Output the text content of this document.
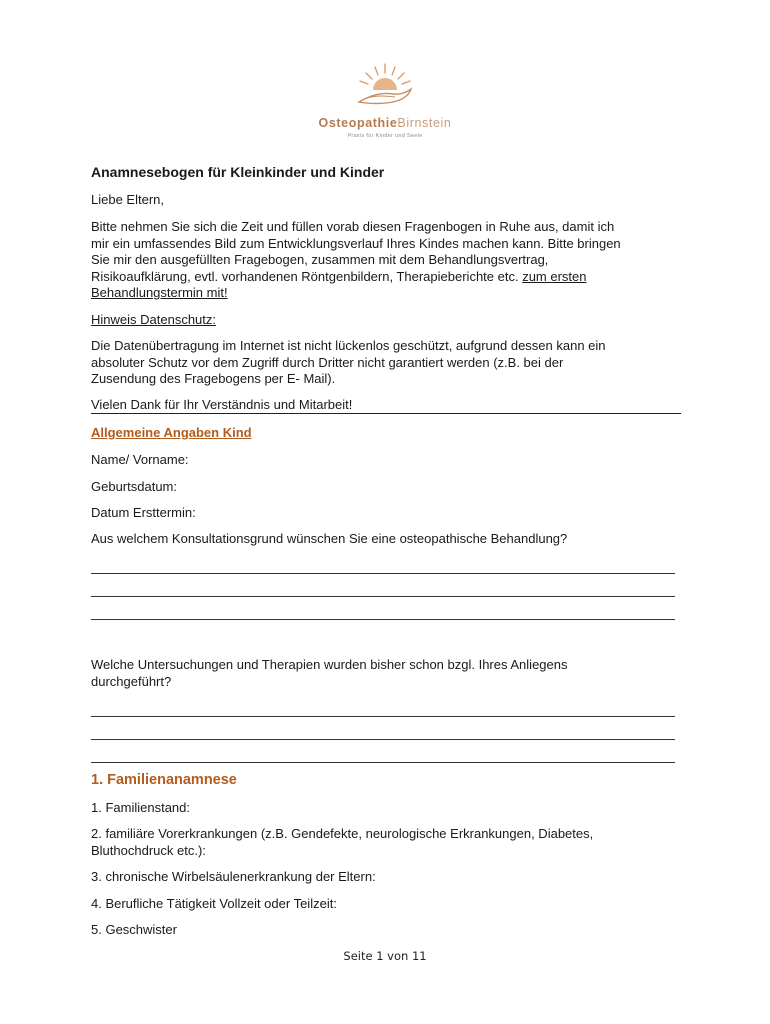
OsteopathieBirnstein
Praxis für Kinder und Seele
Anamnesebogen für Kleinkinder und Kinder
Liebe Eltern,
Bitte nehmen Sie sich die Zeit und füllen vorab diesen Fragenbogen in Ruhe aus, damit ich
mir ein umfassendes Bild zum Entwicklungsverlauf Ihres Kindes machen kann. Bitte bringen
Sie mir den ausgefüllten Fragebogen, zusammen mit dem Behandlungsvertrag,
Risikoaufklärung, evtl. vorhandenen Röntgenbildern, Therapieberichte etc. zum ersten
Behandlungstermin mit!
Hinweis Datenschutz:
Die Datenübertragung im Internet ist nicht lückenlos geschützt, aufgrund dessen kann ein
absoluter Schutz vor dem Zugriff durch Dritter nicht garantiert werden (z.B. bei der
Zusendung des Fragebogens per E- Mail).
Vielen Dank für Ihr Verständnis und Mitarbeit!
Allgemeine Angaben Kind
Name/ Vorname:
Geburtsdatum:
Datum Ersttermin:
Aus welchem Konsultationsgrund wünschen Sie eine osteopathische Behandlung?
Welche Untersuchungen und Therapien wurden bisher schon bzgl. Ihres Anliegens
durchgeführt?
1. Familienanamnese
1. Familienstand:
2. familiäre Vorerkrankungen (z.B. Gendefekte, neurologische Erkrankungen, Diabetes,
Bluthochdruck etc.):
3. chronische Wirbelsäulenerkrankung der Eltern:
4. Berufliche Tätigkeit Vollzeit oder Teilzeit:
5. Geschwister
Seite 1 von 11
